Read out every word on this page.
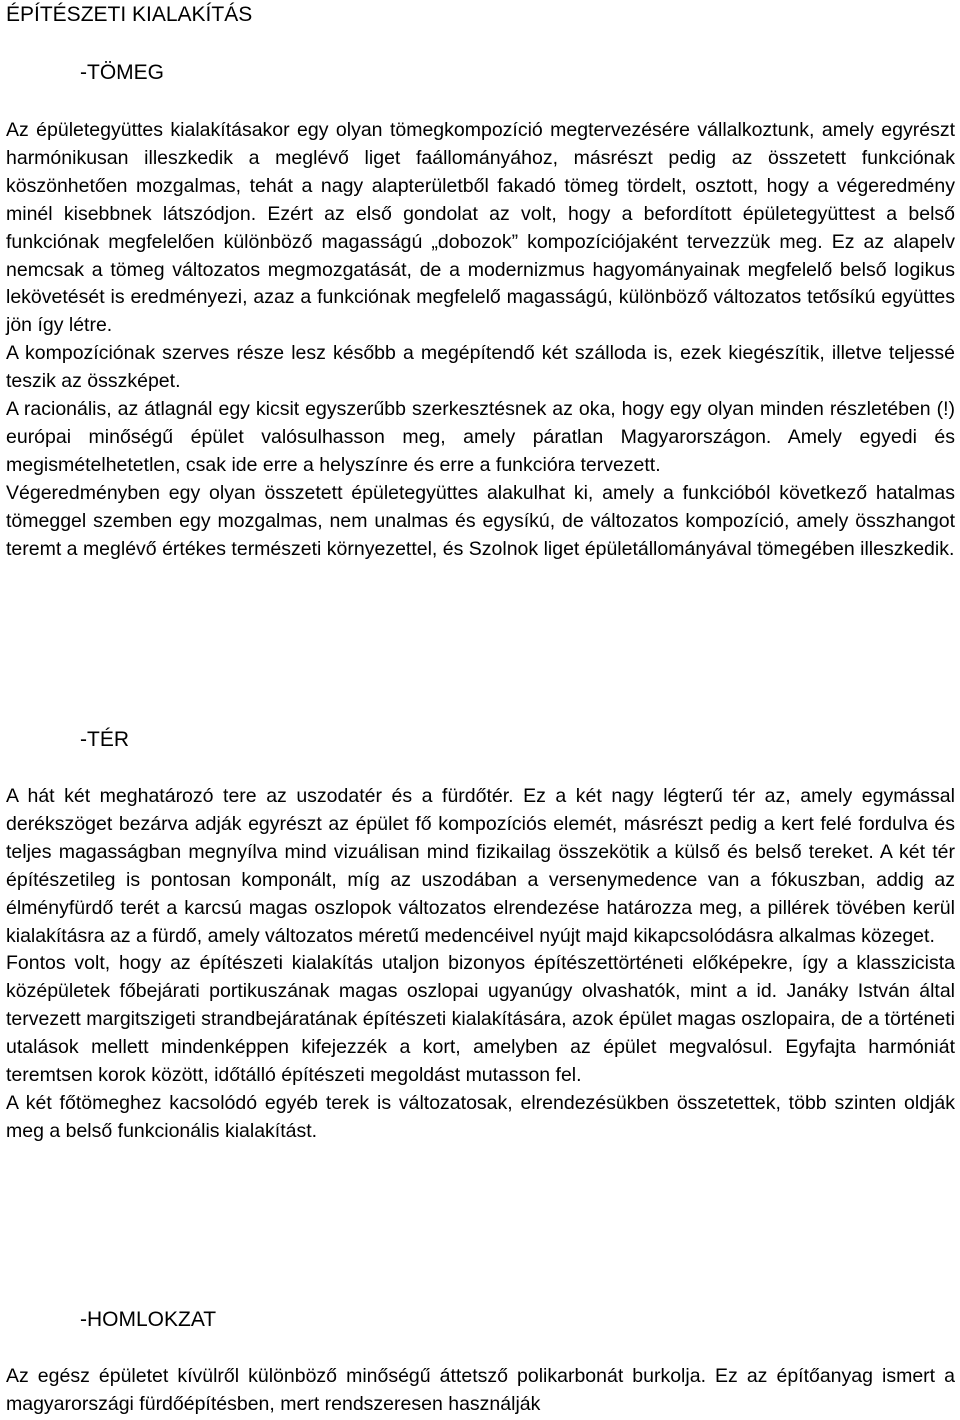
ÉPÍTÉSZETI KIALAKÍTÁS
-TÖMEG

Az épületegyüttes kialakításakor egy olyan tömegkompozíció megtervezésére vállalkoztunk, amely egyrészt harmónikusan illeszkedik a meglévő liget faállományához, másrészt pedig az összetett funkciónak köszönhetően mozgalmas, tehát a nagy alapterületből fakadó tömeg tördelt, osztott, hogy a végeredmény minél kisebbnek látszódjon. Ezért az első gondolat az volt, hogy a befordított épületegyüttest a belső funkciónak megfelelően különböző magasságú „dobozok” kompozíciójaként tervezzük meg. Ez az alapelv nemcsak a tömeg változatos megmozgatását, de a modernizmus hagyományainak megfelelő belső logikus lekövetését is eredményezi, azaz a funkciónak megfelelő magasságú, különböző változatos tetősíkú együttes jön így létre.

A kompozíciónak szerves része lesz később a megépítendő két szálloda is, ezek kiegészítik, illetve teljessé teszik az összképet.

A racionális, az átlagnál egy kicsit egyszerűbb szerkesztésnek az oka, hogy egy olyan minden részletében (!) európai minőségű épület valósulhasson meg, amely páratlan Magyarországon. Amely egyedi és megismételhetetlen, csak ide erre a helyszínre és erre a funkcióra tervezett.

Végeredményben egy olyan összetett épületegyüttes alakulhat ki, amely a funkcióból következő hatalmas tömeggel szemben egy mozgalmas, nem unalmas és egysíkú, de változatos kompozíció, amely összhangot teremt a meglévő értékes természeti környezettel, és Szolnok liget épületállományával tömegében illeszkedik.

-TÉR

A hát két meghatározó tere az uszodatér és a fürdőtér. Ez a két nagy légterű tér az, amely egymással derékszöget bezárva adják egyrészt az épület fő kompozíciós elemét, másrészt pedig a kert felé fordulva és teljes magasságban megnyílva mind vizuálisan mind fizikailag összekötik a külső és belső tereket. A két tér építészetileg is pontosan komponált, míg az uszodában a versenymedence van a fókuszban, addig az élményfürdő terét a karcsú magas oszlopok változatos elrendezése határozza meg, a pillérek tövében kerül kialakításra az a fürdő, amely változatos méretű medencéivel nyújt majd kikapcsolódásra alkalmas közeget.

Fontos volt, hogy az építészeti kialakítás utaljon bizonyos építészettörténeti előképekre, így a klasszicista középületek főbejárati portikuszának magas oszlopai ugyanúgy olvashatók, mint a id. Janáky István által tervezett margitszigeti strandbejáratának építészeti kialakítására, azok épület magas oszlopaira, de a történeti utalások mellett mindenképpen kifejezzék a kort, amelyben az épület megvalósul. Egyfajta harmóniát teremtsen korok között, időtálló építészeti megoldást mutasson fel.

A két főtömeghez kacsolódó egyéb terek is változatosak, elrendezésükben összetettek, több szinten oldják meg a belső funkcionális kialakítást.

-HOMLOKZAT

Az egész épületet kívülről különböző minőségű áttetsző polikarbonát burkolja. Ez az építőanyag ismert a magyarországi fürdőépítésben, mert rendszeresen használják
